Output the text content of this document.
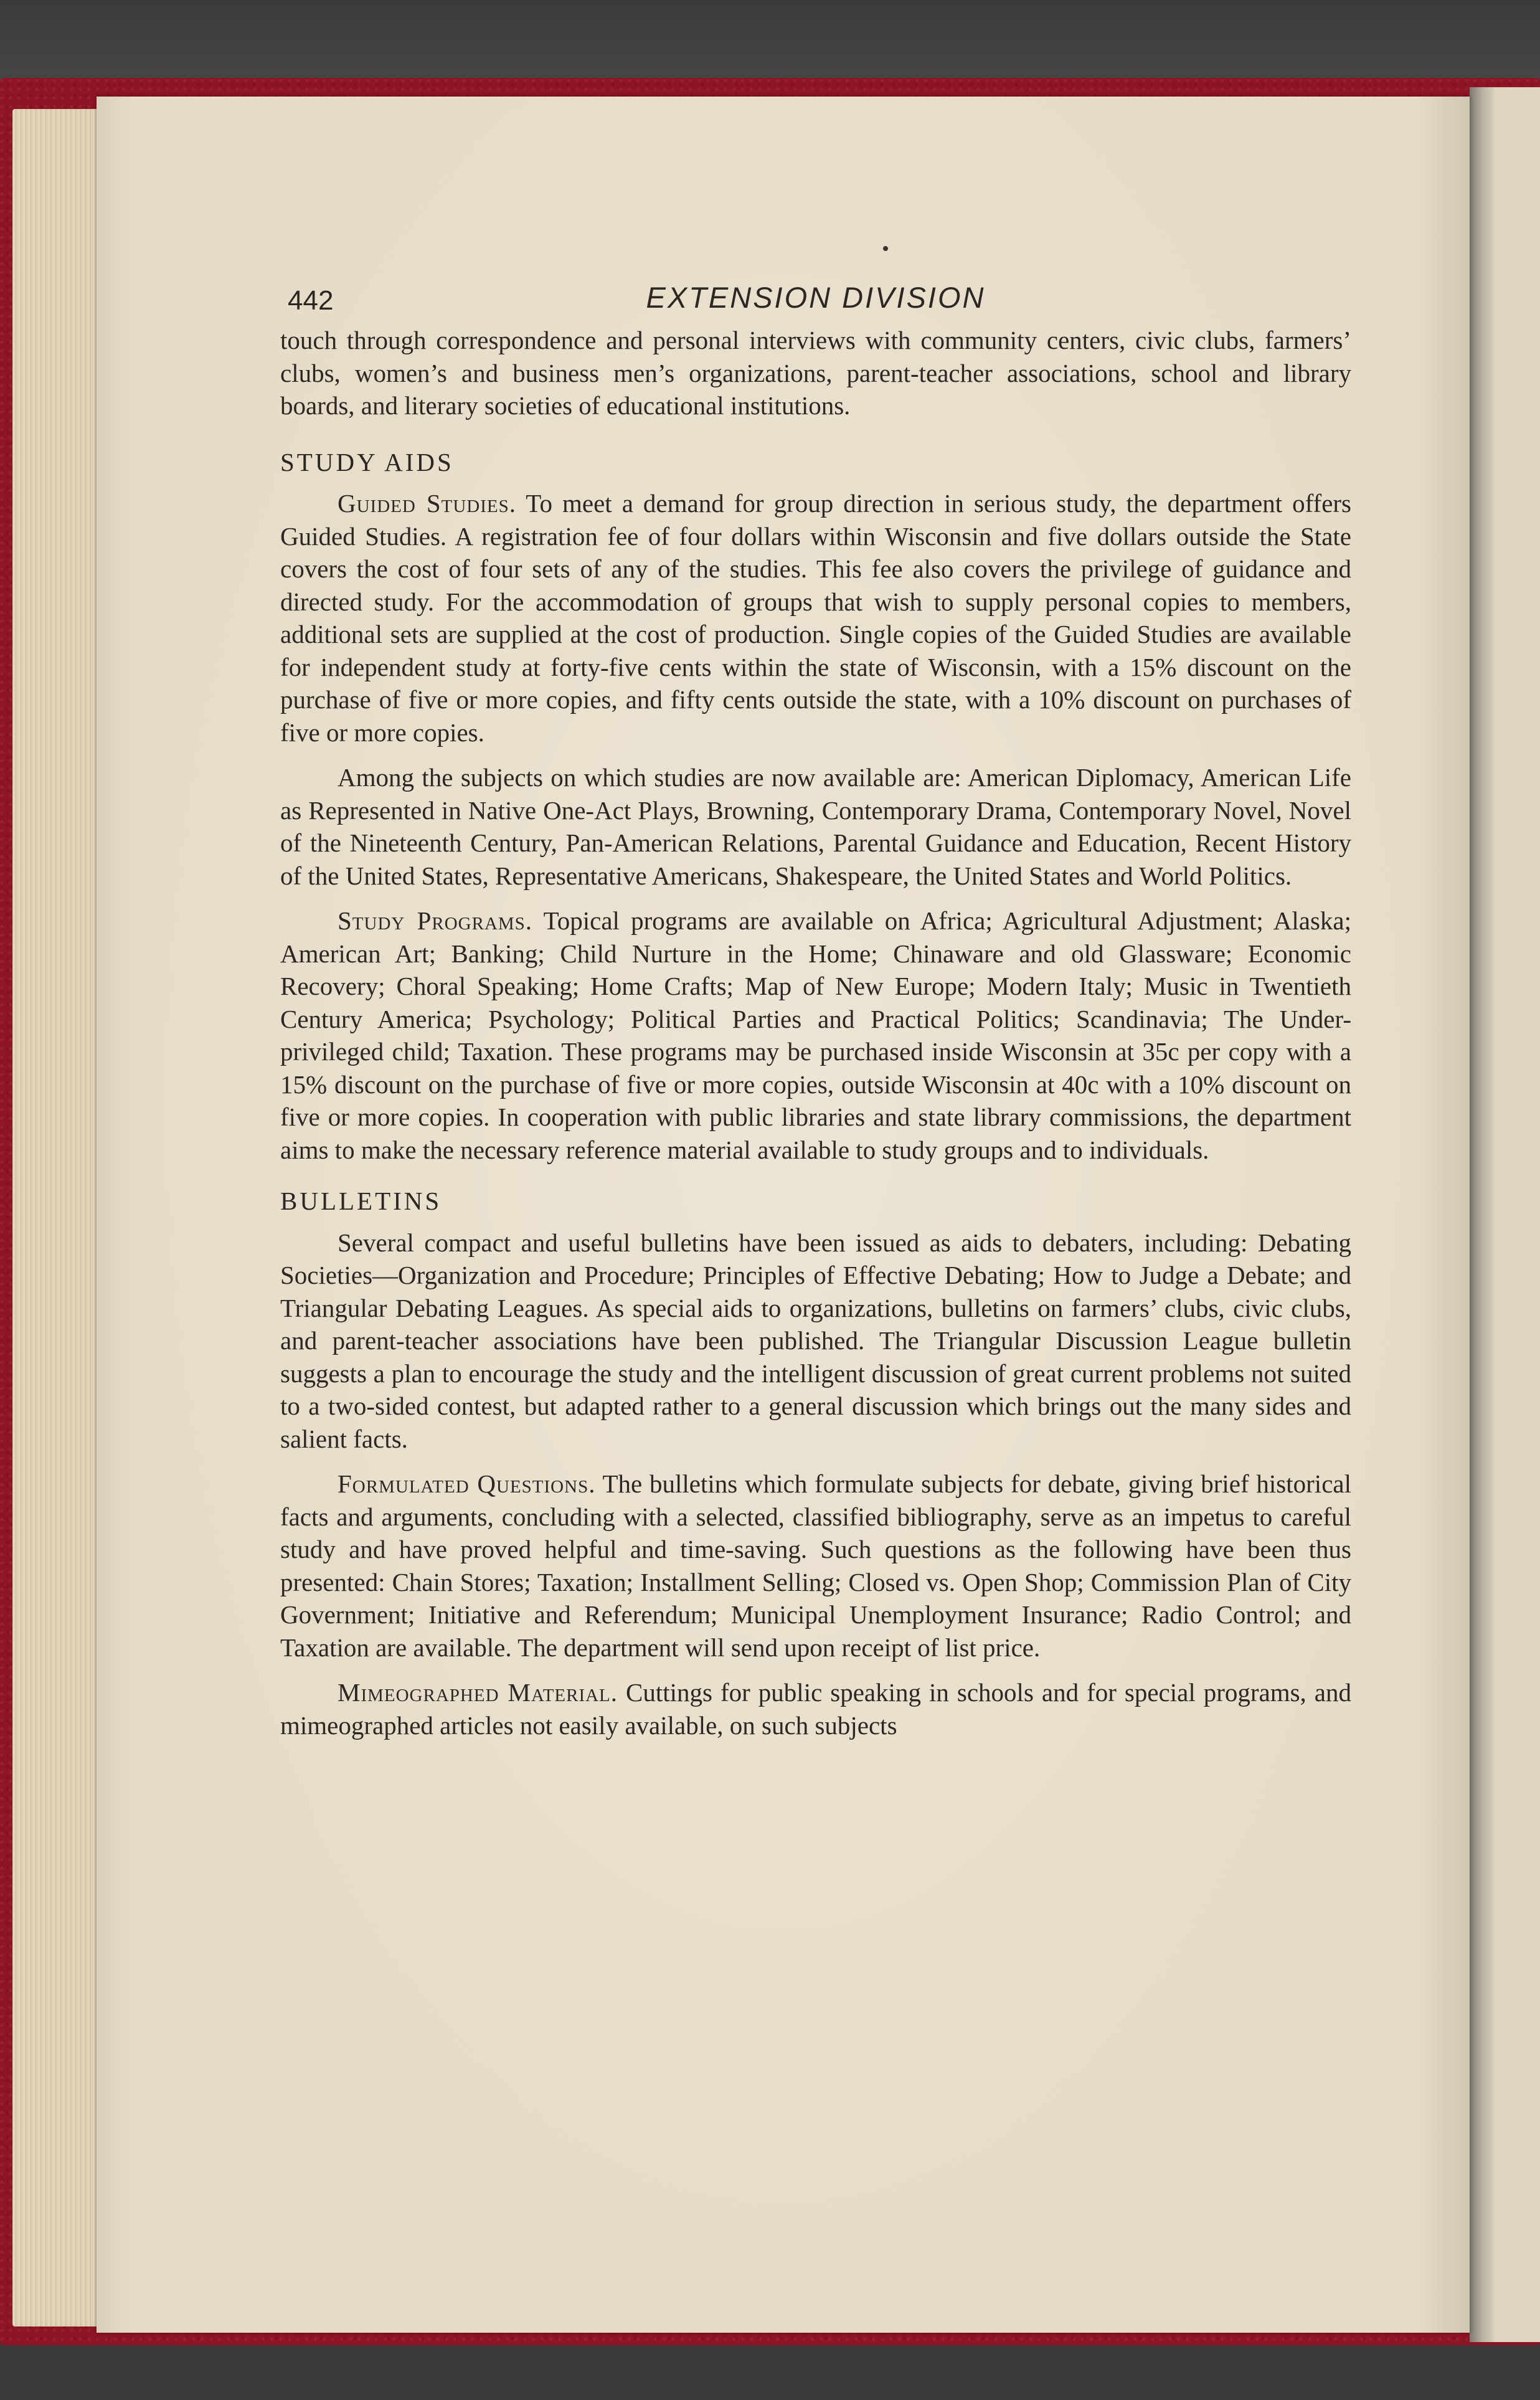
442	EXTENSION DIVISION

touch through correspondence and personal interviews with community centers, civic clubs, farmers’ clubs, women’s and business men’s organizations, parent-teacher associations, school and library boards, and literary societies of educational institutions.

STUDY AIDS

Guided Studies. To meet a demand for group direction in serious study, the department offers Guided Studies. A registration fee of four dollars within Wisconsin and five dollars outside the State covers the cost of four sets of any of the studies. This fee also covers the privilege of guidance and directed study. For the accommodation of groups that wish to supply personal copies to members, additional sets are supplied at the cost of production. Single copies of the Guided Studies are available for independent study at forty-five cents within the state of Wisconsin, with a 15% discount on the purchase of five or more copies, and fifty cents outside the state, with a 10% discount on purchases of five or more copies.

Among the subjects on which studies are now available are: American Diplomacy, American Life as Represented in Native One-Act Plays, Browning, Contemporary Drama, Contemporary Novel, Novel of the Nineteenth Century, Pan-American Relations, Parental Guidance and Education, Recent History of the United States, Representative Americans, Shakespeare, the United States and World Politics.

Study Programs. Topical programs are available on Africa; Agricultural Adjustment; Alaska; American Art; Banking; Child Nurture in the Home; Chinaware and old Glassware; Economic Recovery; Choral Speaking; Home Crafts; Map of New Europe; Modern Italy; Music in Twentieth Century America; Psychology; Political Parties and Practical Politics; Scandinavia; The Under-privileged child; Taxation. These programs may be purchased inside Wisconsin at 35c per copy with a 15% discount on the purchase of five or more copies, outside Wisconsin at 40c with a 10% discount on five or more copies. In cooperation with public libraries and state library commissions, the department aims to make the necessary reference material available to study groups and to individuals.

BULLETINS

Several compact and useful bulletins have been issued as aids to debaters, including: Debating Societies—Organization and Procedure; Principles of Effective Debating; How to Judge a Debate; and Triangular Debating Leagues. As special aids to organizations, bulletins on farmers’ clubs, civic clubs, and parent-teacher associations have been published. The Triangular Discussion League bulletin suggests a plan to encourage the study and the intelligent discussion of great current problems not suited to a two-sided contest, but adapted rather to a general discussion which brings out the many sides and salient facts.

Formulated Questions. The bulletins which formulate subjects for debate, giving brief historical facts and arguments, concluding with a selected, classified bibliography, serve as an impetus to careful study and have proved helpful and time-saving. Such questions as the following have been thus presented: Chain Stores; Taxation; Installment Selling; Closed vs. Open Shop; Commission Plan of City Government; Initiative and Referendum; Municipal Unemployment Insurance; Radio Control; and Taxation are available. The department will send upon receipt of list price.

Mimeographed Material. Cuttings for public speaking in schools and for special programs, and mimeographed articles not easily available, on such subjects
